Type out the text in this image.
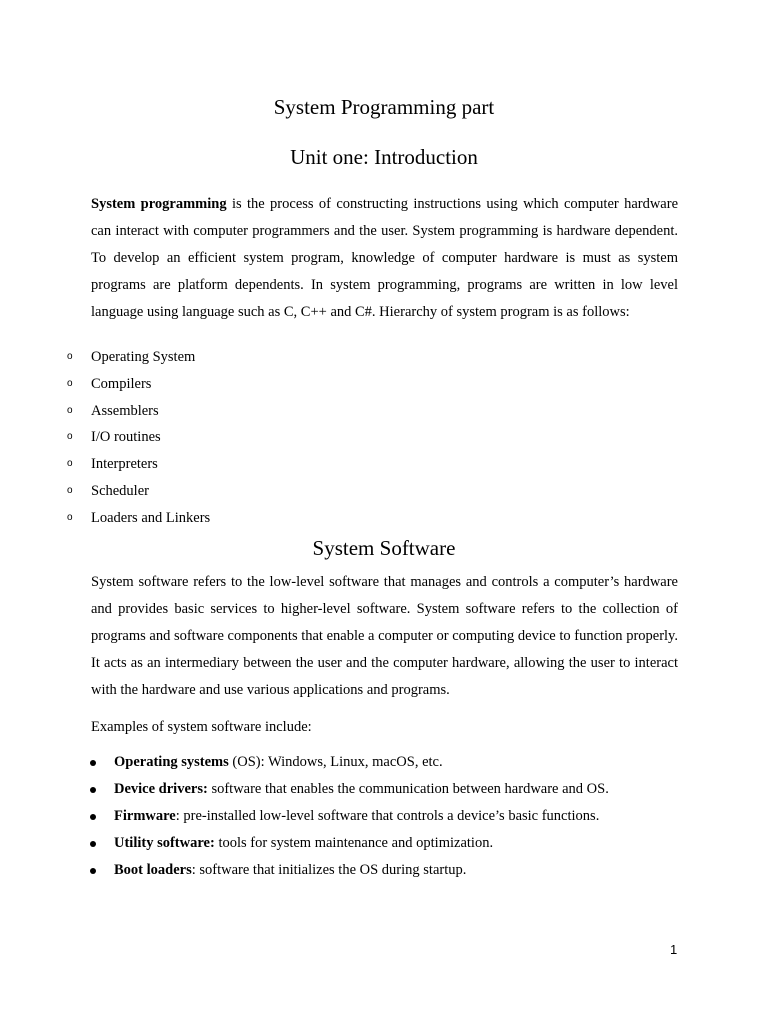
System Programming part
Unit one: Introduction

System programming is the process of constructing instructions using which computer hardware can interact with computer programmers and the user. System programming is hardware dependent. To develop an efficient system program, knowledge of computer hardware is must as system programs are platform dependents. In system programming, programs are written in low level language using language such as C, C++ and C#. Hierarchy of system program is as follows:

o Operating System
o Compilers
o Assemblers
o I/O routines
o Interpreters
o Scheduler
o Loaders and Linkers
System Software

System software refers to the low-level software that manages and controls a computer’s hardware and provides basic services to higher-level software. System software refers to the collection of programs and software components that enable a computer or computing device to function properly. It acts as an intermediary between the user and the computer hardware, allowing the user to interact with the hardware and use various applications and programs.

Examples of system software include:

Operating systems (OS): Windows, Linux, macOS, etc.
Device drivers: software that enables the communication between hardware and OS.
Firmware: pre-installed low-level software that controls a device’s basic functions.
Utility software: tools for system maintenance and optimization.
Boot loaders: software that initializes the OS during startup.
1
